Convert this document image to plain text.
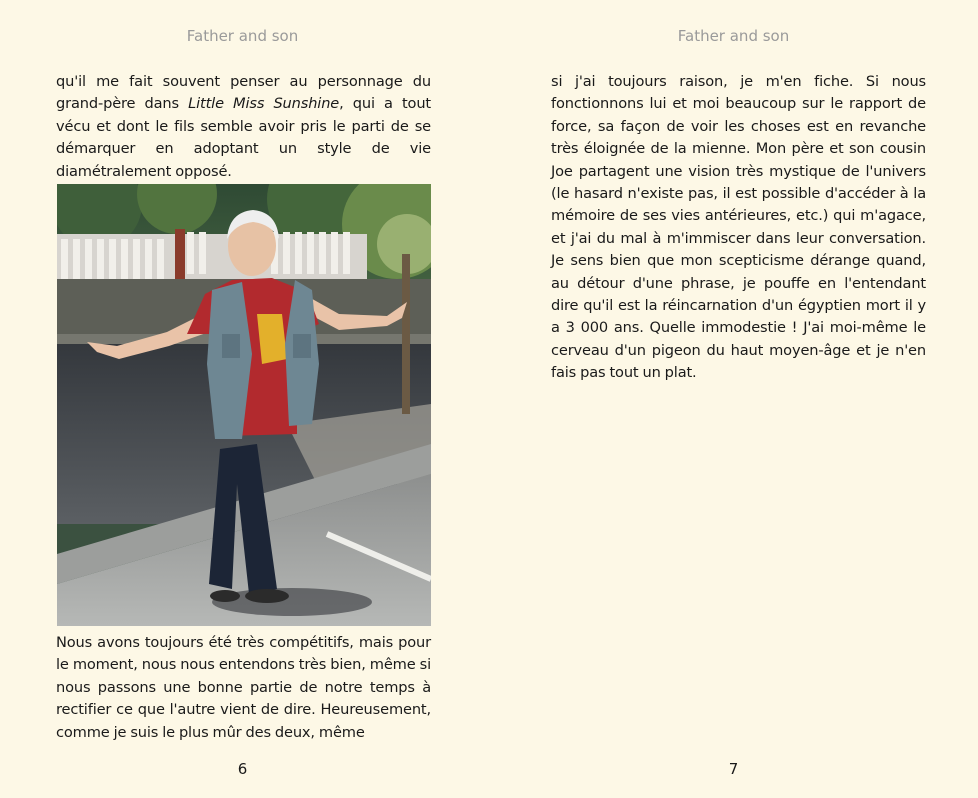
Father and son
qu'il me fait souvent penser au personnage du grand-père dans Little Miss Sunshine, qui a tout vécu et dont le fils semble avoir pris le parti de se démarquer en adoptant un style de vie diamétralement opposé.
Nous avons toujours été très compétitifs, mais pour le moment, nous nous entendons très bien, même si nous passons une bonne partie de notre temps à rectifier ce que l'autre vient de dire. Heureusement, comme je suis le plus mûr des deux, même
6
Father and son
si j'ai toujours raison, je m'en fiche. Si nous fonctionnons lui et moi beaucoup sur le rapport de force, sa façon de voir les choses est en revanche très éloignée de la mienne. Mon père et son cousin Joe partagent une vision très mystique de l'univers (le hasard n'existe pas, il est possible d'accéder à la mémoire de ses vies antérieures, etc.) qui m'agace, et j'ai du mal à m'immiscer dans leur conversation. Je sens bien que mon scepticisme dérange quand, au détour d'une phrase, je pouffe en l'entendant dire qu'il est la réincarnation d'un égyptien mort il y a 3 000 ans. Quelle immodestie ! J'ai moi-même le cerveau d'un pigeon du haut moyen-âge et je n'en fais pas tout un plat.
7
